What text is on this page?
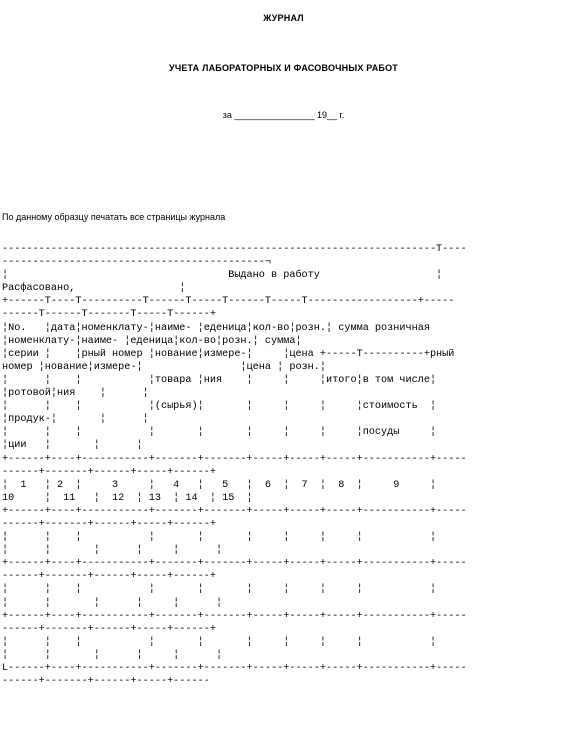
ЖУРНАЛ
УЧЕТА ЛАБОРАТОРНЫХ И ФАСОВОЧНЫХ РАБОТ
за ________________ 19__ г.
По данному образцу печатать все страницы журнала
-----------------------------------------------------------------------T----
-------------------------------------------¬
¦                                    Выдано в работу                   ¦
Расфасовано,                 ¦
+------T----T----------T------T-----T------T-----T------------------+-----
------T------T-------T-----T------+
¦No.   ¦дата¦номенклату-¦наиме- ¦еденица¦кол-во¦розн.¦ сумма розничная
¦номенклату-¦наиме- ¦еденица¦кол-во¦розн.¦ сумма¦
¦серии ¦    ¦рный номер ¦нование¦измере-¦     ¦цена +-----T----------+рный
номер ¦нование¦измере-¦                ¦цена ¦ розн.¦
¦      ¦    ¦           ¦товара ¦ния    ¦     ¦     ¦итого¦в том числе¦
¦ротовой¦ния    ¦      ¦
¦      ¦    ¦           ¦(сырья)¦       ¦     ¦     ¦     ¦стоимость  ¦
¦продук-¦       ¦      ¦
¦      ¦    ¦           ¦       ¦       ¦     ¦     ¦     ¦посуды     ¦
¦ции   ¦       ¦      ¦
+------+----+-----------+-------+-------+-----+-----+-----+-----------+-----
------+-------+------+-----+------+
¦  1   ¦ 2  ¦     3     ¦   4   ¦   5   ¦  6  ¦  7  ¦  8  ¦     9     ¦
10     ¦  11   ¦  12  ¦ 13  ¦ 14  ¦ 15  ¦
+------+----+-----------+-------+-------+-----+-----+-----+-----------+-----
------+-------+------+-----+------+
¦      ¦    ¦           ¦       ¦       ¦     ¦     ¦     ¦           ¦
¦      ¦       ¦      ¦     ¦      ¦
+------+----+-----------+-------+-------+-----+-----+-----+-----------+-----
------+-------+------+-----+------+
¦      ¦    ¦           ¦       ¦       ¦     ¦     ¦     ¦           ¦
¦      ¦       ¦      ¦     ¦      ¦
+------+----+-----------+-------+-------+-----+-----+-----+-----------+-----
------+-------+------+-----+------+
¦      ¦    ¦           ¦       ¦       ¦     ¦     ¦     ¦           ¦
¦      ¦       ¦      ¦     ¦      ¦
L------+----+-----------+-------+-------+-----+-----+-----+-----------+-----
------+-------+------+-----+------
